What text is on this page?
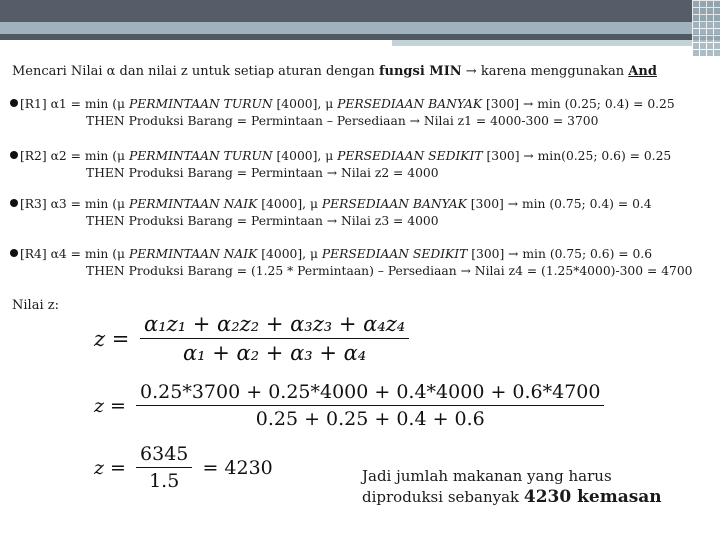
Mencari Nilai α dan nilai z untuk setiap aturan dengan fungsi MIN → karena menggunakan And
[R1] α1 = min (μ PERMINTAAN TURUN [4000], μ PERSEDIAAN BANYAK [300] → min (0.25; 0.4) = 0.25
THEN Produksi Barang = Permintaan – Persediaan → Nilai z1 = 4000-300 = 3700
[R2] α2 = min (μ PERMINTAAN TURUN [4000], μ PERSEDIAAN SEDIKIT [300] → min(0.25; 0.6) = 0.25
THEN Produksi Barang = Permintaan → Nilai z2 = 4000
[R3] α3 = min (μ PERMINTAAN NAIK [4000], μ PERSEDIAAN BANYAK [300] → min (0.75; 0.4) = 0.4
THEN Produksi Barang = Permintaan → Nilai z3 = 4000
[R4] α4 = min (μ PERMINTAAN NAIK [4000], μ PERSEDIAAN SEDIKIT [300] → min (0.75; 0.6) = 0.6
THEN Produksi Barang = (1.25 * Permintaan) – Persediaan → Nilai z4 = (1.25*4000)-300 = 4700
Nilai z:
$z = \frac{\text{α₁z₁ + α₂z₂ + α₃z₃ + α₄z₄}}{\text{α₁ + α₂ + α₃ + α₄}}$
$z = \frac{0.25*3700 + 0.25*4000 + 0.4*4000 + 0.6*4700}{0.25 + 0.25 + 0.4 + 0.6}$
$z = \frac{6345}{1.5} = 4230$	Jadi jumlah makanan yang harus
diproduksi sebanyak 4230 kemasan
